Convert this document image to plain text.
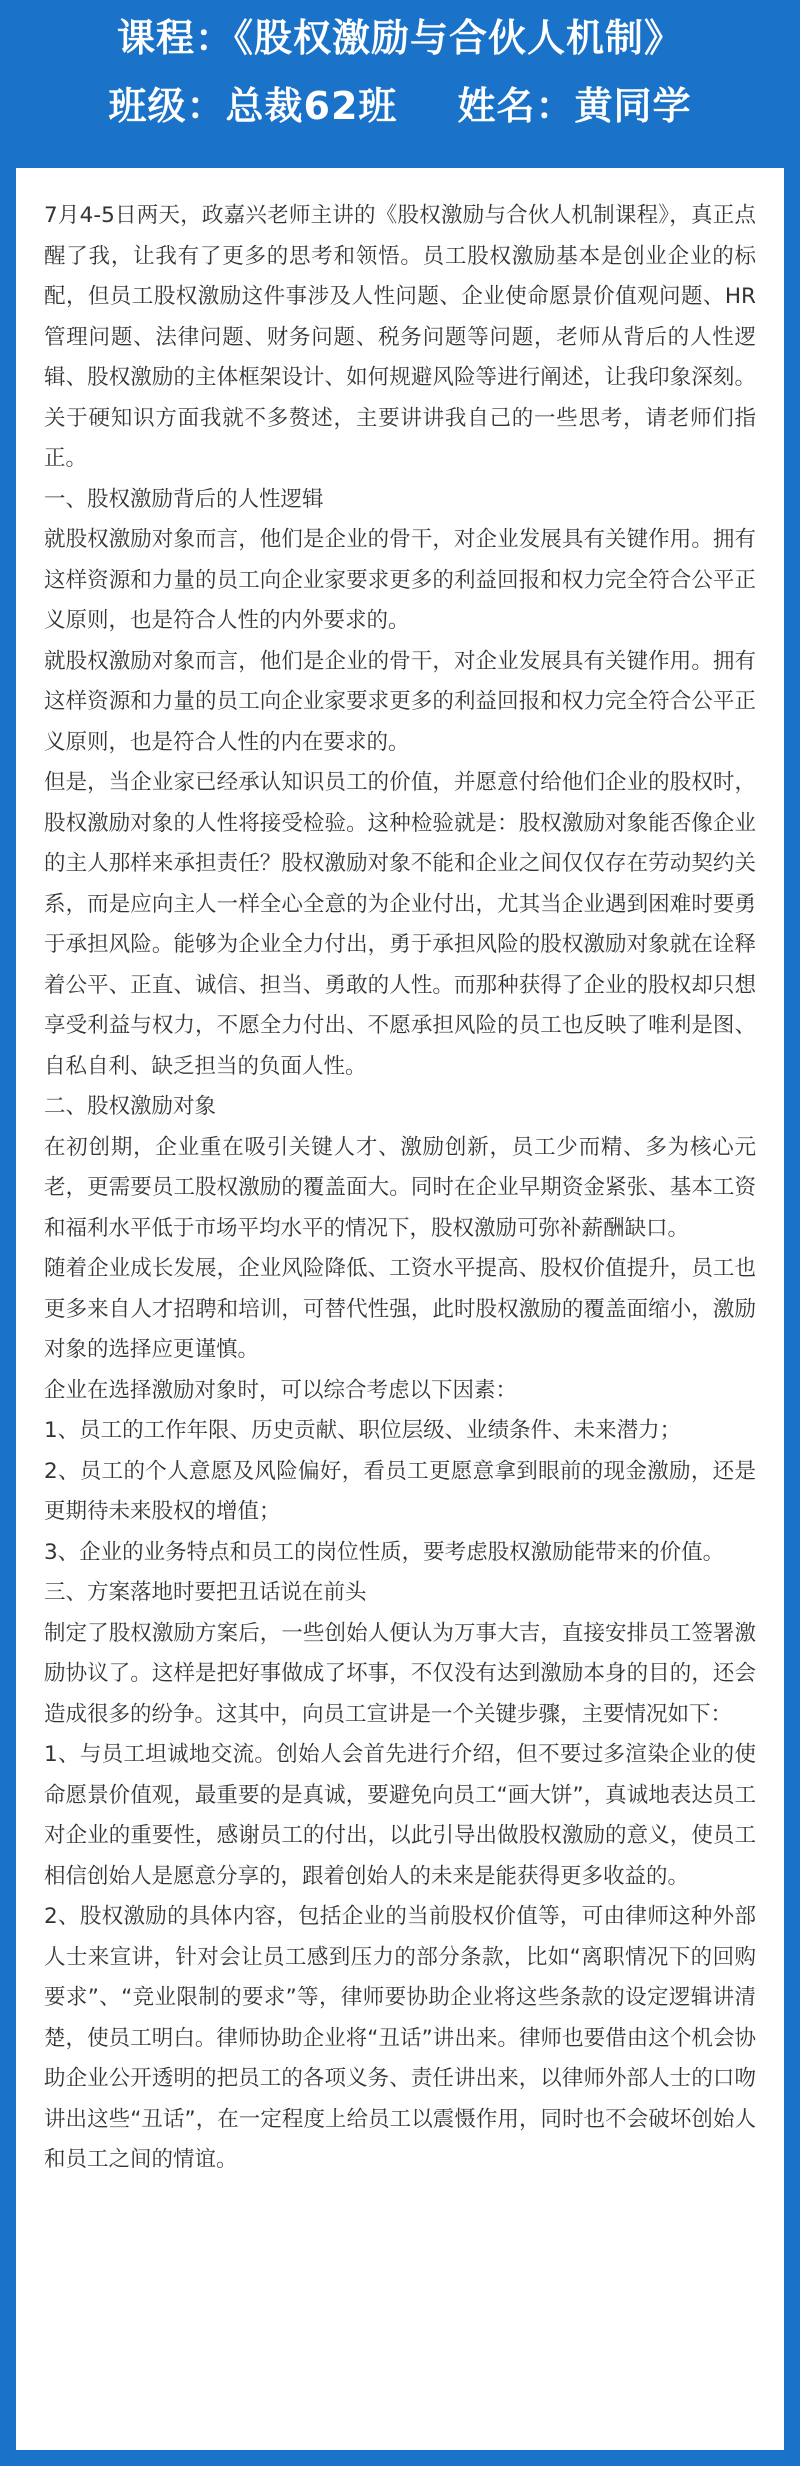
课程：《股权激励与合伙人机制》
班级：总裁62班 姓名：黄同学

7月4-5日两天，政嘉兴老师主讲的《股权激励与合伙人机制课程》，真正点醒了我，让我有了更多的思考和领悟。员工股权激励基本是创业企业的标配，但员工股权激励这件事涉及人性问题、企业使命愿景价值观问题、HR管理问题、法律问题、财务问题、税务问题等问题，老师从背后的人性逻辑、股权激励的主体框架设计、如何规避风险等进行阐述，让我印象深刻。关于硬知识方面我就不多赘述，主要讲讲我自己的一些思考，请老师们指正。

一、股权激励背后的人性逻辑

就股权激励对象而言，他们是企业的骨干，对企业发展具有关键作用。拥有这样资源和力量的员工向企业家要求更多的利益回报和权力完全符合公平正义原则，也是符合人性的内外要求的。

就股权激励对象而言，他们是企业的骨干，对企业发展具有关键作用。拥有这样资源和力量的员工向企业家要求更多的利益回报和权力完全符合公平正义原则，也是符合人性的内在要求的。

但是，当企业家已经承认知识员工的价值，并愿意付给他们企业的股权时，股权激励对象的人性将接受检验。这种检验就是：股权激励对象能否像企业的主人那样来承担责任？股权激励对象不能和企业之间仅仅存在劳动契约关系，而是应向主人一样全心全意的为企业付出，尤其当企业遇到困难时要勇于承担风险。能够为企业全力付出，勇于承担风险的股权激励对象就在诠释着公平、正直、诚信、担当、勇敢的人性。而那种获得了企业的股权却只想享受利益与权力，不愿全力付出、不愿承担风险的员工也反映了唯利是图、自私自利、缺乏担当的负面人性。

二、股权激励对象

在初创期，企业重在吸引关键人才、激励创新，员工少而精、多为核心元老，更需要员工股权激励的覆盖面大。同时在企业早期资金紧张、基本工资和福利水平低于市场平均水平的情况下，股权激励可弥补薪酬缺口。

随着企业成长发展，企业风险降低、工资水平提高、股权价值提升，员工也更多来自人才招聘和培训，可替代性强，此时股权激励的覆盖面缩小，激励对象的选择应更谨慎。

企业在选择激励对象时，可以综合考虑以下因素：

1、员工的工作年限、历史贡献、职位层级、业绩条件、未来潜力；

2、员工的个人意愿及风险偏好，看员工更愿意拿到眼前的现金激励，还是更期待未来股权的增值；

3、企业的业务特点和员工的岗位性质，要考虑股权激励能带来的价值。

三、方案落地时要把丑话说在前头

制定了股权激励方案后，一些创始人便认为万事大吉，直接安排员工签署激励协议了。这样是把好事做成了坏事，不仅没有达到激励本身的目的，还会造成很多的纷争。这其中，向员工宣讲是一个关键步骤，主要情况如下：

1、与员工坦诚地交流。创始人会首先进行介绍，但不要过多渲染企业的使命愿景价值观，最重要的是真诚，要避免向员工“画大饼”，真诚地表达员工对企业的重要性，感谢员工的付出，以此引导出做股权激励的意义，使员工相信创始人是愿意分享的，跟着创始人的未来是能获得更多收益的。

2、股权激励的具体内容，包括企业的当前股权价值等，可由律师这种外部人士来宣讲，针对会让员工感到压力的部分条款，比如“离职情况下的回购要求”、“竞业限制的要求”等，律师要协助企业将这些条款的设定逻辑讲清楚，使员工明白。律师协助企业将“丑话”讲出来。律师也要借由这个机会协助企业公开透明的把员工的各项义务、责任讲出来，以律师外部人士的口吻讲出这些“丑话”，在一定程度上给员工以震慑作用，同时也不会破坏创始人和员工之间的情谊。
